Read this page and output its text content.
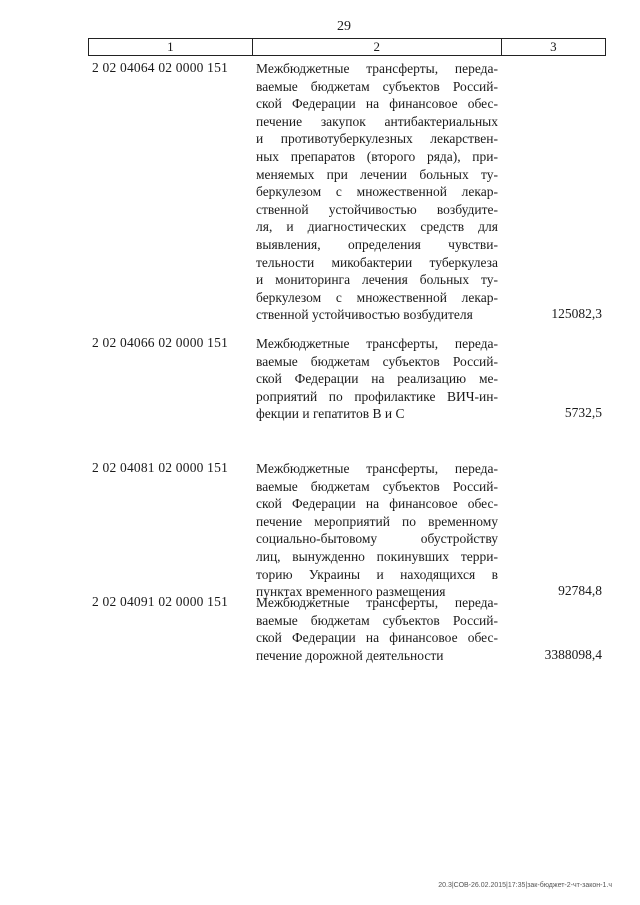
29
1	2	3
2 02 04064 02 0000 151	Межбюджетные трансферты, переда-
ваемые бюджетам субъектов Россий-
ской Федерации на финансовое обес-
печение закупок антибактериальных
и противотуберкулезных лекарствен-
ных препаратов (второго ряда), при-
меняемых при лечении больных ту-
беркулезом с множественной лекар-
ственной устойчивостью возбудите-
ля, и диагностических средств для
выявления, определения чувстви-
тельности микобактерии туберкулеза
и мониторинга лечения больных ту-
беркулезом с множественной лекар-
ственной устойчивостью возбудителя	125082,3
2 02 04066 02 0000 151	Межбюджетные трансферты, переда-
ваемые бюджетам субъектов Россий-
ской Федерации на реализацию ме-
роприятий по профилактике ВИЧ-ин-
фекции и гепатитов В и С	5732,5
2 02 04081 02 0000 151	Межбюджетные трансферты, переда-
ваемые бюджетам субъектов Россий-
ской Федерации на финансовое обес-
печение мероприятий по временному
социально-бытовому обустройству
лиц, вынужденно покинувших терри-
торию Украины и находящихся в
пунктах временного размещения	92784,8
2 02 04091 02 0000 151	Межбюджетные трансферты, переда-
ваемые бюджетам субъектов Россий-
ской Федерации на финансовое обес-
печение дорожной деятельности	3388098,4
20.3|СОВ-26.02.2015|17:35|зак-бюджет-2-чт-закон-1.ч
